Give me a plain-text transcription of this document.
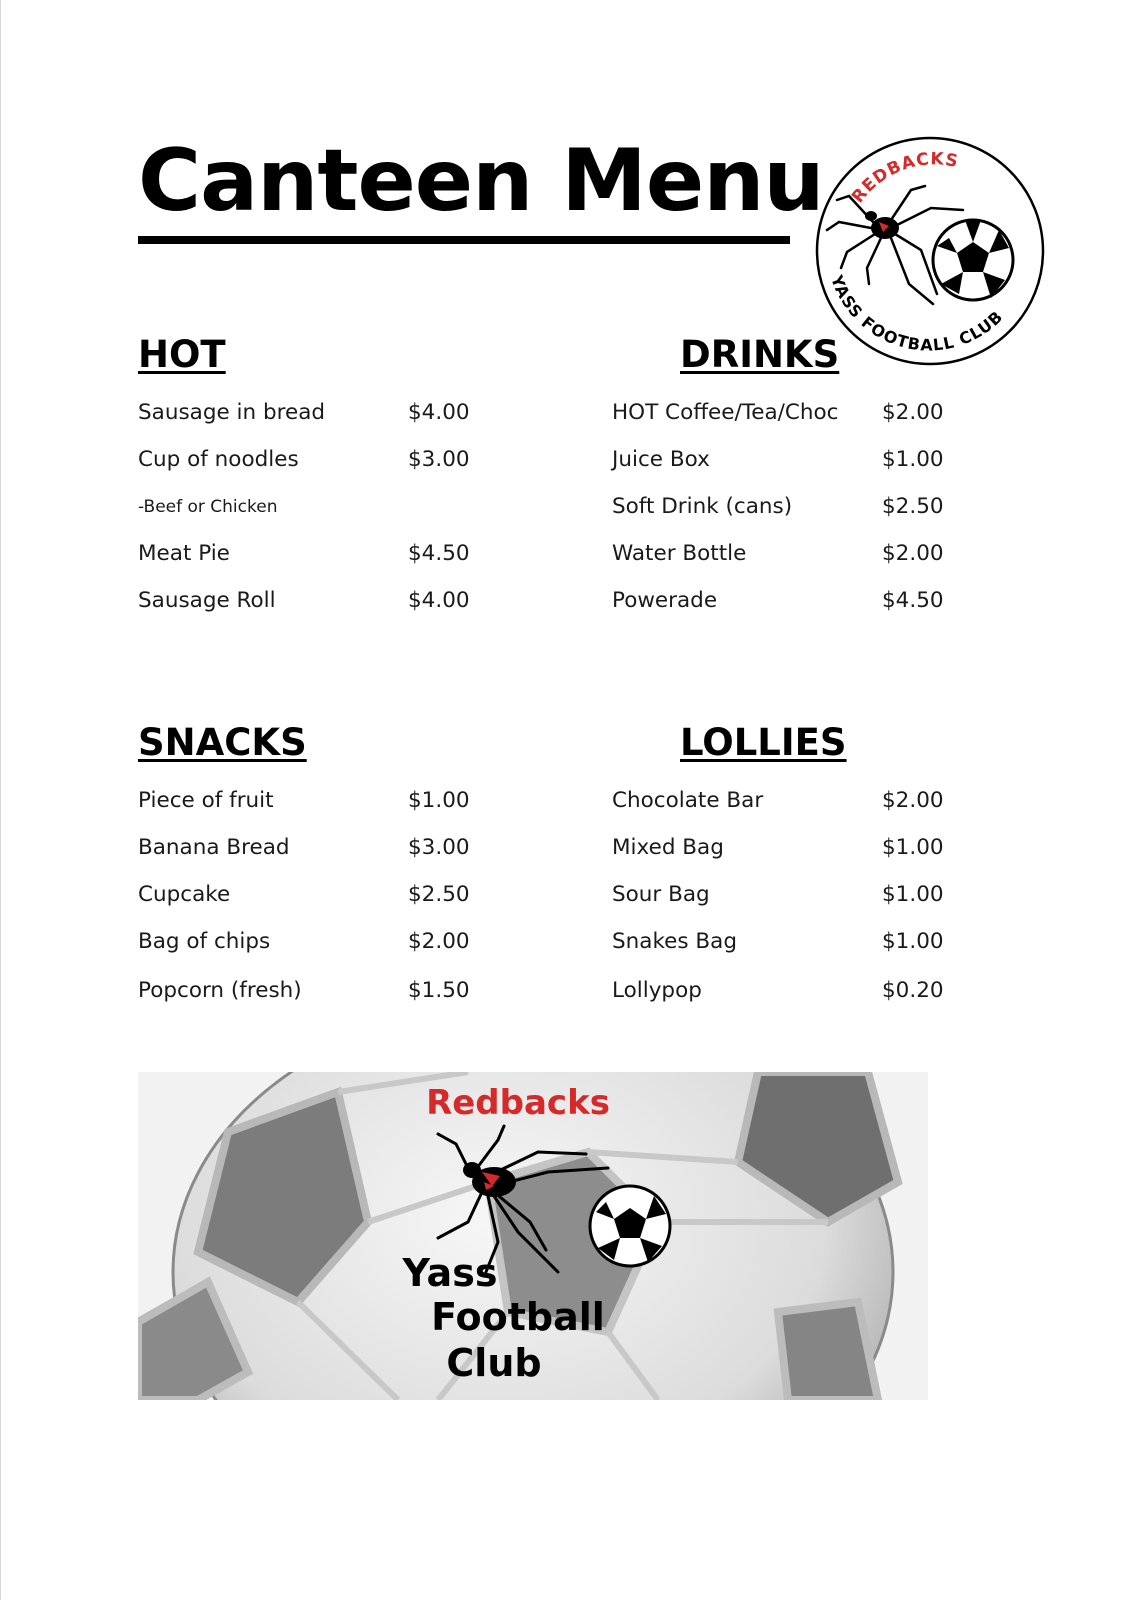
Canteen Menu REDBACKS
YASS FOOTBALL CLUB
HOT
Sausage in bread	$4.00
Cup of noodles	$3.00
-Beef or Chicken
Meat Pie	$4.50
Sausage Roll	$4.00
DRINKS
HOT Coffee/Tea/Choc $2.00
Juice Box	$1.00
Soft Drink (cans)	$2.50
Water Bottle	$2.00
Powerade	$4.50
SNACKS
Piece of fruit	$1.00
Banana Bread	$3.00
Cupcake	$2.50
Bag of chips	$2.00
Popcorn (fresh)	$1.50
LOLLIES
Chocolate Bar	$2.00
Mixed Bag	$1.00
Sour Bag	$1.00
Snakes Bag	$1.00
Lollypop	$0.20
Redbacks
Yass
Football
Club
